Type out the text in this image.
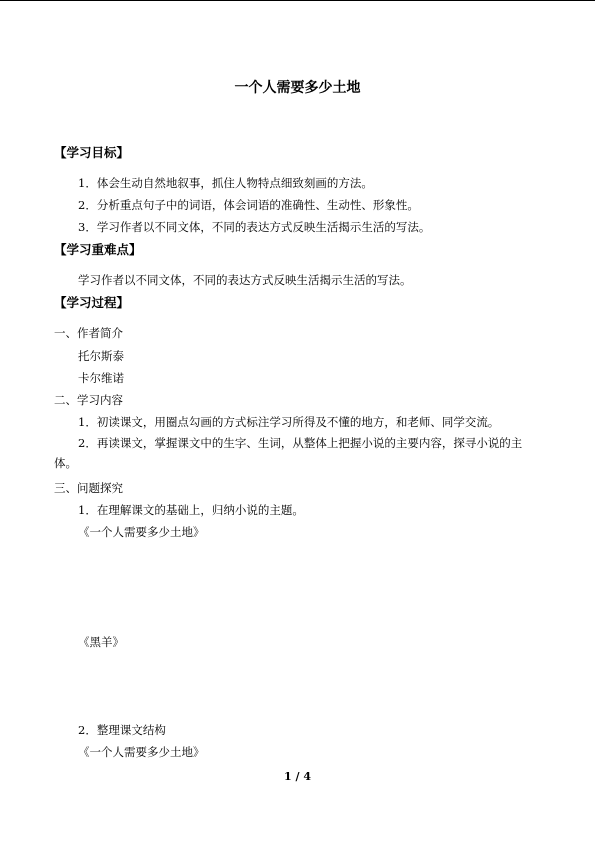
一个人需要多少土地
【学习目标】
1．体会生动自然地叙事，抓住人物特点细致刻画的方法。
2．分析重点句子中的词语，体会词语的准确性、生动性、形象性。
3．学习作者以不同文体，不同的表达方式反映生活揭示生活的写法。
【学习重难点】
学习作者以不同文体，不同的表达方式反映生活揭示生活的写法。
【学习过程】
一、作者简介
托尔斯泰
卡尔维诺
二、学习内容
1．初读课文，用圈点勾画的方式标注学习所得及不懂的地方，和老师、同学交流。
2．再读课文，掌握课文中的生字、生词，从整体上把握小说的主要内容，探寻小说的主体。
三、问题探究
1．在理解课文的基础上，归纳小说的主题。
《一个人需要多少土地》
《黑羊》
2．整理课文结构
《一个人需要多少土地》
1 / 4
